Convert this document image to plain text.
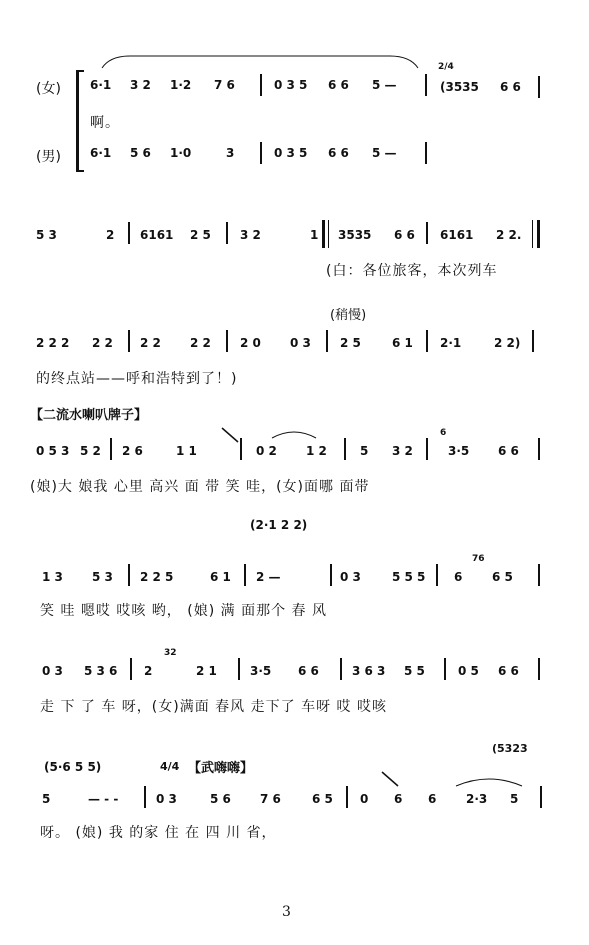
2/4
(女)
(男)
6·1 3 2 1·2 7 6	0 3 5 6 6 5 —	(3535 6 6
啊。
6·1 5 6 1·0	3	0 3 5 6 6 5 —
5 3	2 6161 2 5 3 2	1 3535 6 6 6161 2 2.
(白：各位旅客，本次列车
(稍慢)
2 2 2 2 2 2 2 2 2 2 0 0 3 2 5	6 1 2·1	2 2)
的终点站——呼和浩特到了！)
【二流水喇叭牌子】
6
0 5 3 5 2 2 6	1 1	0 2 1 2	5 3 2	3·5 6 6
(娘)大 娘我 心里 高兴 面 带 笑 哇，(女)面哪 面带
(2·1 2 2)
76
1 3 5 3 2 2 5	6 1 2 —	0 3	5 5 5 6 6 5
笑 哇 嗯哎 哎咳 哟， (娘) 满 面那个 春 风
32
0 3 5 3 6 2	2 1	3·5 6 6	3 6 3 5 5	0 5 6 6
走 下 了 车 呀，(女)满面 春风 走下了 车呀 哎 哎咳
(5·6 5 5)	4/4 【武嗨嗨】
(5323
5	— - -	0 3	5 6 7 6	6 5 0 6 6 2·3 5
呀。 (娘) 我 的家 住 在 四 川 省，
3
